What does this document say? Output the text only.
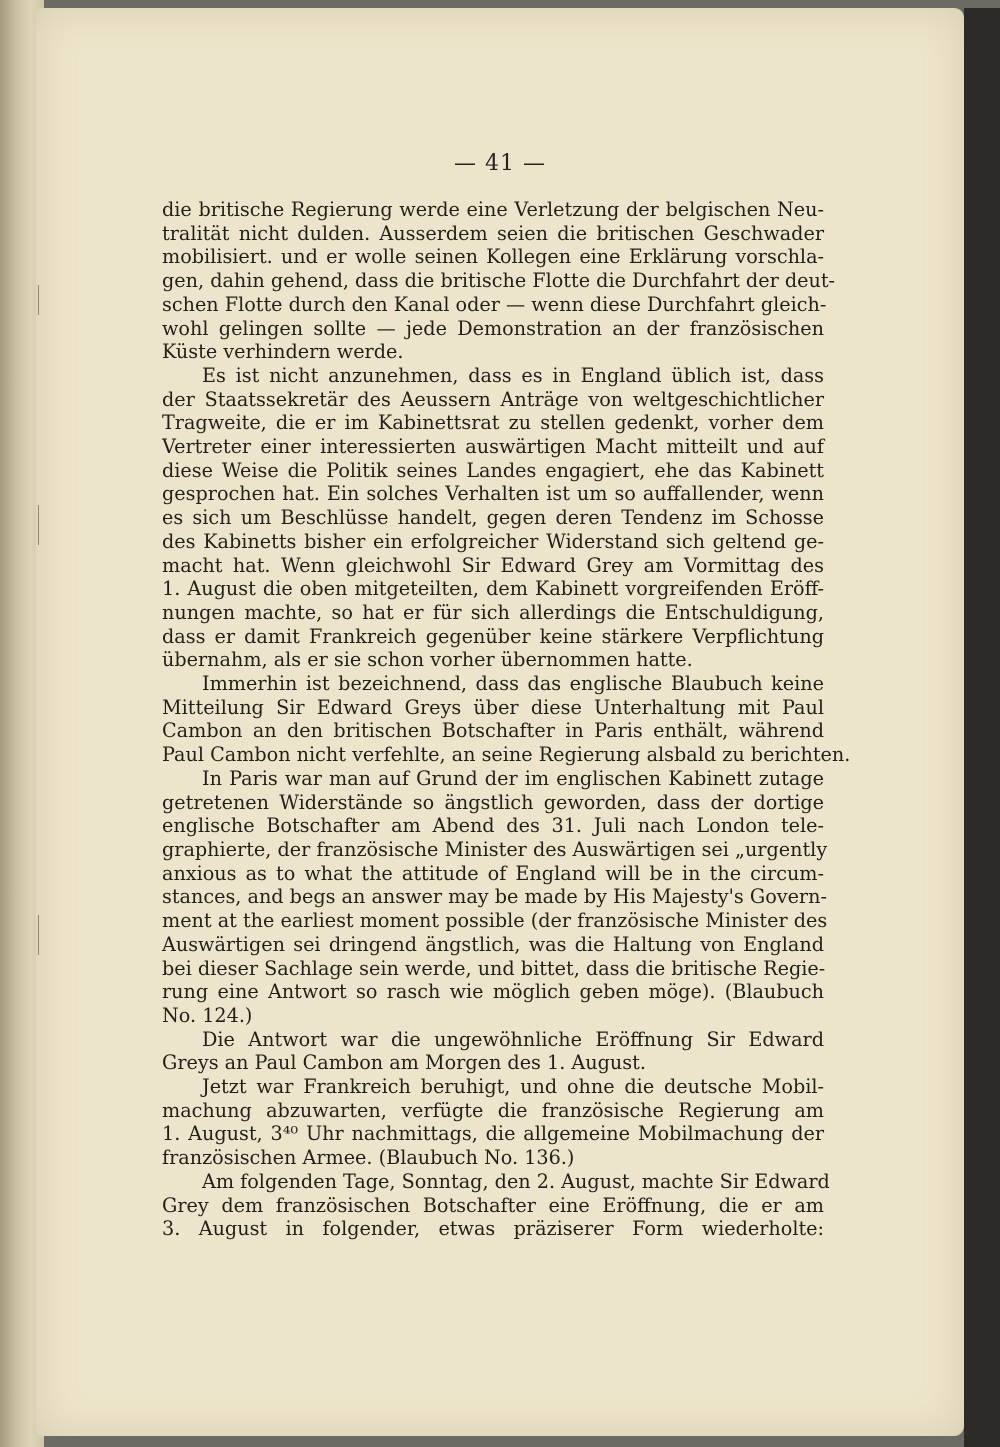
— 41 —
die britische Regierung werde eine Verletzung der belgischen Neu-
tralität nicht dulden. Ausserdem seien die britischen Geschwader
mobilisiert. und er wolle seinen Kollegen eine Erklärung vorschla-
gen, dahin gehend, dass die britische Flotte die Durchfahrt der deut-
schen Flotte durch den Kanal oder — wenn diese Durchfahrt gleich-
wohl gelingen sollte — jede Demonstration an der französischen
Küste verhindern werde.
Es ist nicht anzunehmen, dass es in England üblich ist, dass
der Staatssekretär des Aeussern Anträge von weltgeschichtlicher
Tragweite, die er im Kabinettsrat zu stellen gedenkt, vorher dem
Vertreter einer interessierten auswärtigen Macht mitteilt und auf
diese Weise die Politik seines Landes engagiert, ehe das Kabinett
gesprochen hat. Ein solches Verhalten ist um so auffallender, wenn
es sich um Beschlüsse handelt, gegen deren Tendenz im Schosse
des Kabinetts bisher ein erfolgreicher Widerstand sich geltend ge-
macht hat. Wenn gleichwohl Sir Edward Grey am Vormittag des
1. August die oben mitgeteilten, dem Kabinett vorgreifenden Eröff-
nungen machte, so hat er für sich allerdings die Entschuldigung,
dass er damit Frankreich gegenüber keine stärkere Verpflichtung
übernahm, als er sie schon vorher übernommen hatte.
Immerhin ist bezeichnend, dass das englische Blaubuch keine
Mitteilung Sir Edward Greys über diese Unterhaltung mit Paul
Cambon an den britischen Botschafter in Paris enthält, während
Paul Cambon nicht verfehlte, an seine Regierung alsbald zu berichten.
In Paris war man auf Grund der im englischen Kabinett zutage
getretenen Widerstände so ängstlich geworden, dass der dortige
englische Botschafter am Abend des 31. Juli nach London tele-
graphierte, der französische Minister des Auswärtigen sei „urgently
anxious as to what the attitude of England will be in the circum-
stances, and begs an answer may be made by His Majesty's Govern-
ment at the earliest moment possible (der französische Minister des
Auswärtigen sei dringend ängstlich, was die Haltung von England
bei dieser Sachlage sein werde, und bittet, dass die britische Regie-
rung eine Antwort so rasch wie möglich geben möge). (Blaubuch
No. 124.)
Die Antwort war die ungewöhnliche Eröffnung Sir Edward
Greys an Paul Cambon am Morgen des 1. August.
Jetzt war Frankreich beruhigt, und ohne die deutsche Mobil-
machung abzuwarten, verfügte die französische Regierung am
1. August, 3⁴⁰ Uhr nachmittags, die allgemeine Mobilmachung der
französischen Armee. (Blaubuch No. 136.)
Am folgenden Tage, Sonntag, den 2. August, machte Sir Edward
Grey dem französischen Botschafter eine Eröffnung, die er am
3. August in folgender, etwas präziserer Form wiederholte:
